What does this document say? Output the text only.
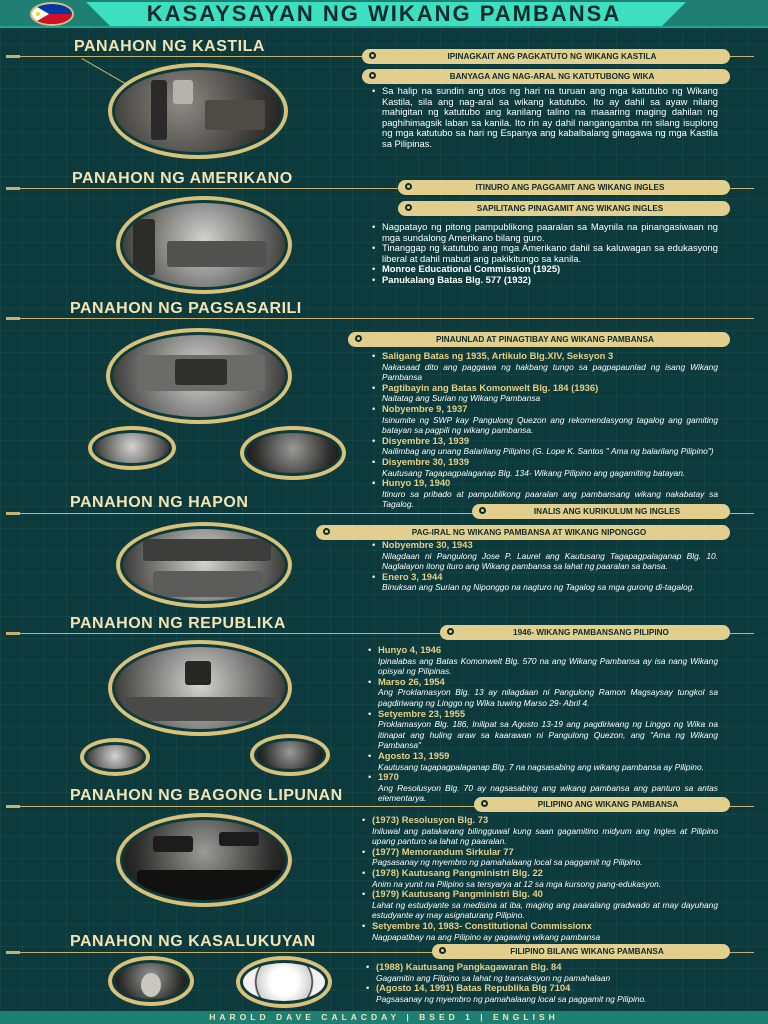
KASAYSAYAN NG WIKANG PAMBANSA
PANAHON NG KASTILA
IPINAGKAIT ANG PAGKATUTO NG WIKANG KASTILA
BANYAGA ANG NAG-ARAL NG KATUTUBONG WIKA
• Sa halip na sundin ang utos ng hari na turuan ang mga katutubo ng Wikang Kastila, sila ang nag-aral sa wikang katutubo. Ito ay dahil sa ayaw nilang mahigitan ng katutubo ang kanilang talino na maaaring maging dahilan ng paghihimagsik laban sa kanila. Ito rin ay dahil nangangamba rin silang isuplong ng mga katutubo sa hari ng Espanya ang kabalbalang ginagawa ng mga Kastila sa Pilipinas.
PANAHON NG AMERIKANO
ITINURO ANG PAGGAMIT ANG WIKANG INGLES
SAPILITANG PINAGAMIT ANG WIKANG INGLES
• Nagpatayo ng pitong pampublikong paaralan sa Maynila na pinangasiwaan ng mga sundalong Amerikano bilang guro.
• Tinanggap ng katutubo ang mga Amerikano dahil sa kaluwagan sa edukasyong liberal at dahil mabuti ang pakikitungo sa kanila.
• Monroe Educational Commission (1925)
• Panukalang Batas Blg. 577 (1932)
PANAHON NG PAGSASARILI
PINAUNLAD AT PINAGTIBAY ANG WIKANG PAMBANSA
• Saligang Batas ng 1935, Artikulo Blg.XIV, Seksyon 3
Nakasaad dito ang paggawa ng hakbang tungo sa pagpapaunlad ng isang Wikang Pambansa
• Pagtibayin ang Batas Komonwelt Blg. 184 (1936)
Naitatag ang Surian ng Wikang Pambansa
• Nobyembre 9, 1937
Isinumite ng SWP kay Pangulong Quezon ang rekomendasyong tagalog ang gamiting batayan sa pagpili ng wikang pambansa.
• Disyembre 13, 1939
Nailimbag ang unang Balarilang Pilipino (G. Lope K. Santos " Ama ng balarilang Pilipino")
• Disyembre 30, 1939
Kautusang Tagapagpalaganap Blg. 134- Wikang Pilipino ang gagamiting batayan.
• Hunyo 19, 1940
Itinuro sa pribado at pampublikong paaralan ang pambansang wikang nakabatay sa Tagalog.
PANAHON NG HAPON
INALIS ANG KURIKULUM NG INGLES
PAG-IRAL NG WIKANG PAMBANSA AT WIKANG NIPONGGO
• Nobyembre 30, 1943
Nilagdaan ni Pangulong Jose P. Laurel ang Kautusang Tagapagpalaganap Blg. 10. Naglalayon itong ituro ang Wikang pambansa sa lahat ng paaralan sa bansa.
• Enero 3, 1944
Binuksan ang Surian ng Niponggo na nagturo ng Tagalog sa mga gurong di-tagalog.
PANAHON NG REPUBLIKA
1946- WIKANG PAMBANSANG PILIPINO
• Hunyo 4, 1946
Ipinalabas ang Batas Komonwelt Blg. 570 na ang Wikang Pambansa ay isa nang Wikang opisyal ng Pilipinas.
• Marso 26, 1954
Ang Proklamasyon Blg. 13 ay nilagdaan ni Pangulong Ramon Magsaysay tungkol sa pagdiriwang ng Linggo ng Wika tuwing Marso 29- Abril 4.
• Setyembre 23, 1955
Proklamasyon Blg. 186, Inilipat sa Agosto 13-19 ang pagdiriwang ng Linggo ng Wika na itinapat ang huling araw sa kaarawan ni Pangulong Quezon, ang "Ama ng Wikang Pambansa"
• Agosto 13, 1959
Kautusang tagapagpalaganap Blg. 7 na nagsasabing ang wikang pambansa ay Pilipino.
• 1970
Ang Resolusyon Blg. 70 ay nagsasabing ang wikang pambansa ang panturo sa antas elementarya.
PANAHON NG BAGONG LIPUNAN
PILIPINO ANG WIKANG PAMBANSA
• (1973) Resolusyon Blg. 73
Iniluwal ang patakarang bilingguwal kung saan gagamitino midyum ang Ingles at Pilipino upang panturo sa lahat ng paaralan.
• (1977) Memorandum Sirkular 77
Pagsasanay ng myembro ng pamahalaang local sa paggamit ng Pilipino.
• (1978) Kautusang Pangministri Blg. 22
Anim na yunit na Pilipino sa tersyarya at 12 sa mga kursong pang-edukasyon.
• (1979) Kautusang Pangministri Blg. 40
Lahat ng estudyante sa medisina at iba, maging ang paaralang gradwado at may dayuhang estudyante ay may asignaturang Pilipino.
• Setyembre 10, 1983- Constitutional Commissionx
Nagpapatibay na ang Pilipino ay gagawing wikang pambansa
PANAHON NG KASALUKUYAN
FILIPINO BILANG WIKANG PAMBANSA
• (1988) Kautusang Pangkagawaran Blg. 84
Gagamitin ang Filipino sa lahat ng transaksyon ng pamahalaan
• (Agosto 14, 1991) Batas Republika Blg 7104
Pagsasanay ng myembro ng pamahalaang local sa paggamit ng Pilipino.
HAROLD DAVE CALACDAY | BSED 1 | ENGLISH
